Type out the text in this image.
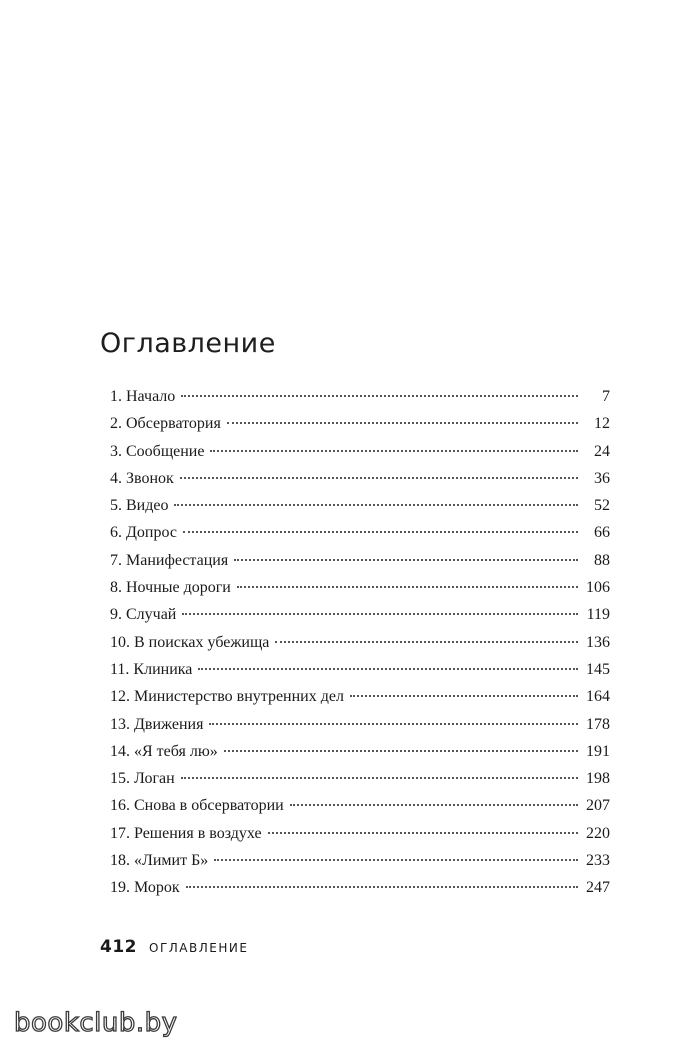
Оглавление
1. Начало	7
2. Обсерватория	12
3. Сообщение	24
4. Звонок	36
5. Видео	52
6. Допрос	66
7. Манифестация	88
8. Ночные дороги	106
9. Случай	119
10. В поисках убежища	136
11. Клиника	145
12. Министерство внутренних дел	164
13. Движения	178
14. «Я тебя лю»	191
15. Логан	198
16. Снова в обсерватории	207
17. Решения в воздухе	220
18. «Лимит Б»	233
19. Морок	247
412 ОГЛАВЛЕНИЕ
bookclub.by
